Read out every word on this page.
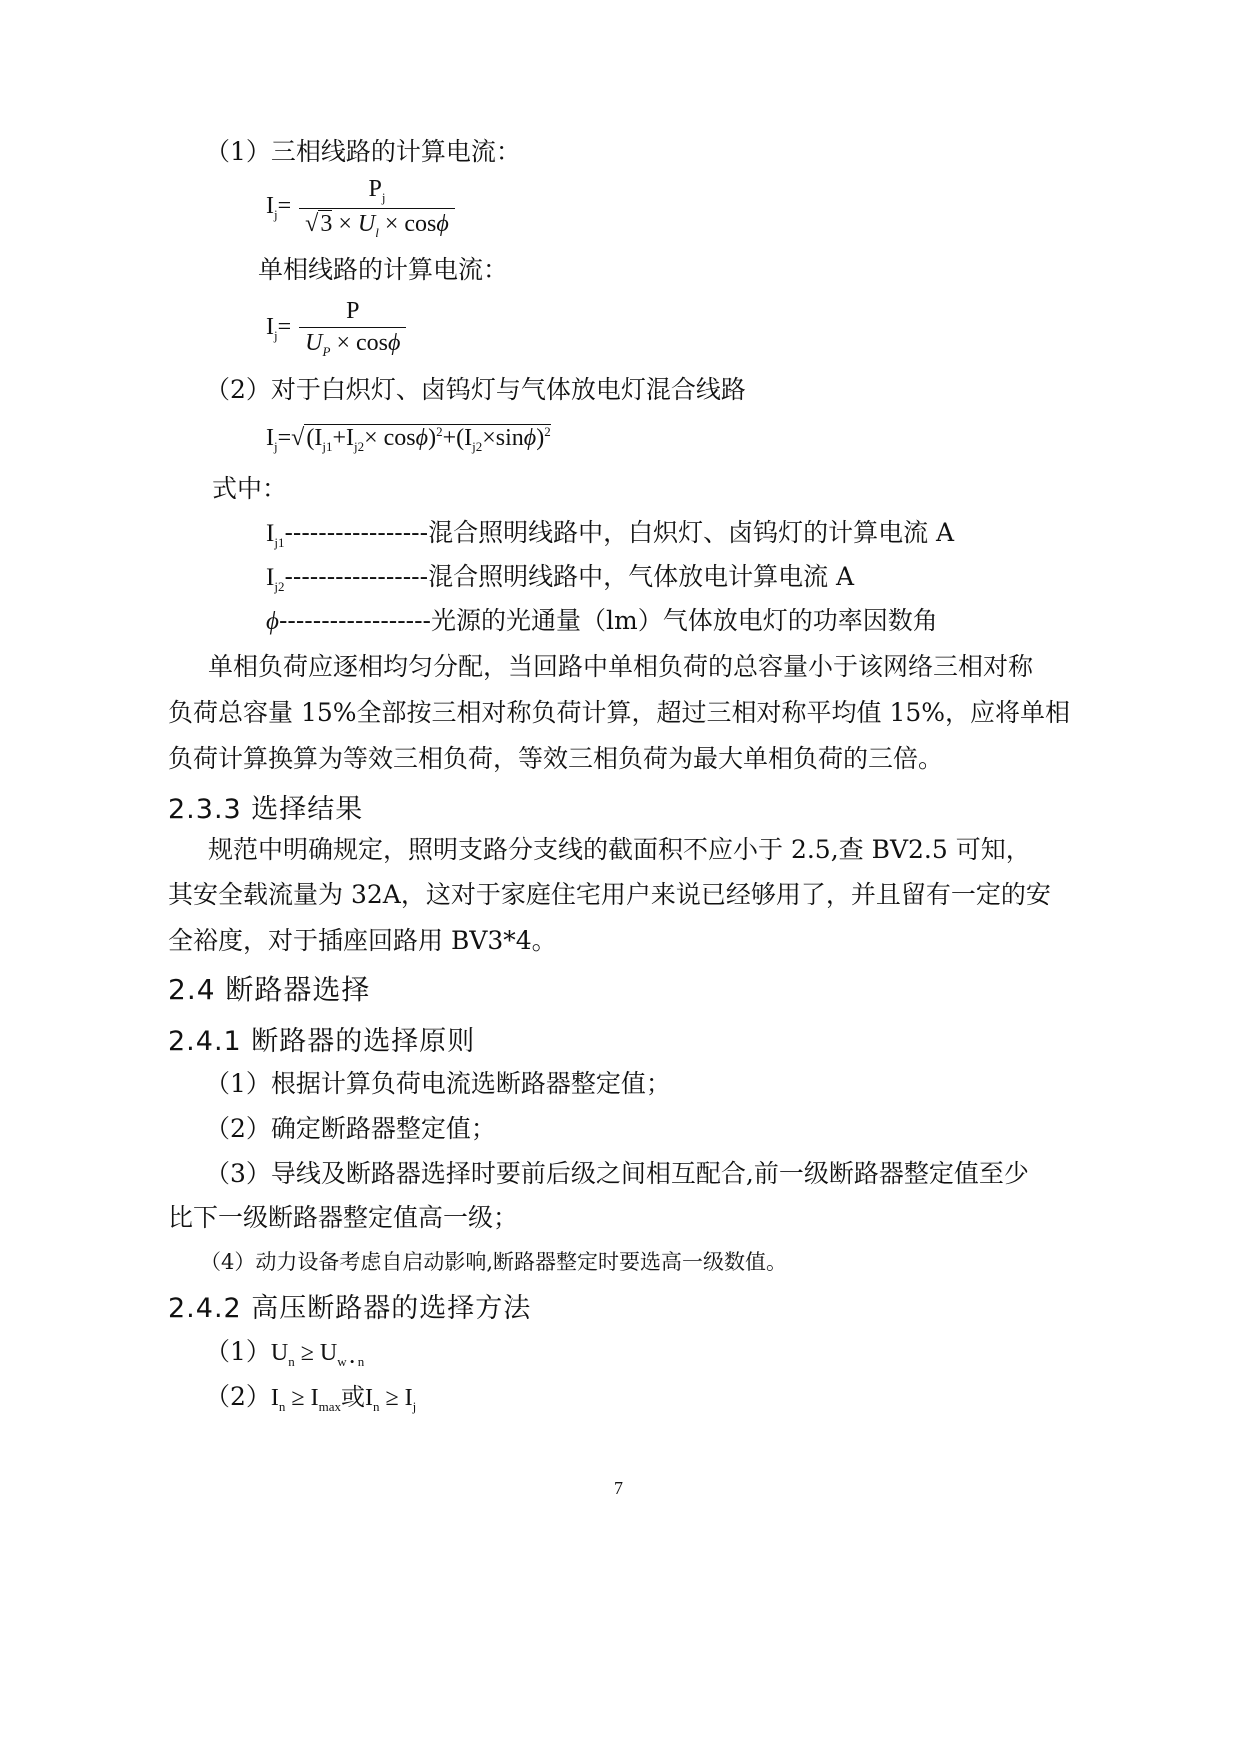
（1）三相线路的计算电流：
$I_j= \frac{P_j}{√3 \times U_l \times \cos\phi}$
单相线路的计算电流：
$I_j= \frac{P}{U_P \times \cos\phi}$
（2）对于白炽灯、卤钨灯与气体放电灯混合线路
$I_j=√(I_{j1}+I_{j2}\times \cos\phi)^2+(I_{j2}\times\sin\phi)^2$
式中：
$I_{j1}-----------------$混合照明线路中，白炽灯、卤钨灯的计算电流 A
$I_{j2}-----------------$混合照明线路中，气体放电计算电流 A
ϕ------------------光源的光通量（lm）气体放电灯的功率因数角
单相负荷应逐相均匀分配，当回路中单相负荷的总容量小于该网络三相对称
负荷总容量 15%全部按三相对称负荷计算，超过三相对称平均值 15%，应将单相
负荷计算换算为等效三相负荷，等效三相负荷为最大单相负荷的三倍。
2.3.3 选择结果
规范中明确规定，照明支路分支线的截面积不应小于 2.5,查 BV2.5 可知，
其安全载流量为 32A，这对于家庭住宅用户来说已经够用了，并且留有一定的安
全裕度，对于插座回路用 BV3*4。
2.4 断路器选择
2.4.1 断路器的选择原则
（1）根据计算负荷电流选断路器整定值；
（2）确定断路器整定值；
（3）导线及断路器选择时要前后级之间相互配合,前一级断路器整定值至少
比下一级断路器整定值高一级；
（4）动力设备考虑自启动影响,断路器整定时要选高一级数值。
2.4.2 高压断路器的选择方法
$(1)U_n \ge U_{w • n}$
$(2)I_n \ge I_{max}$或$I_n \ge I_j$
7
